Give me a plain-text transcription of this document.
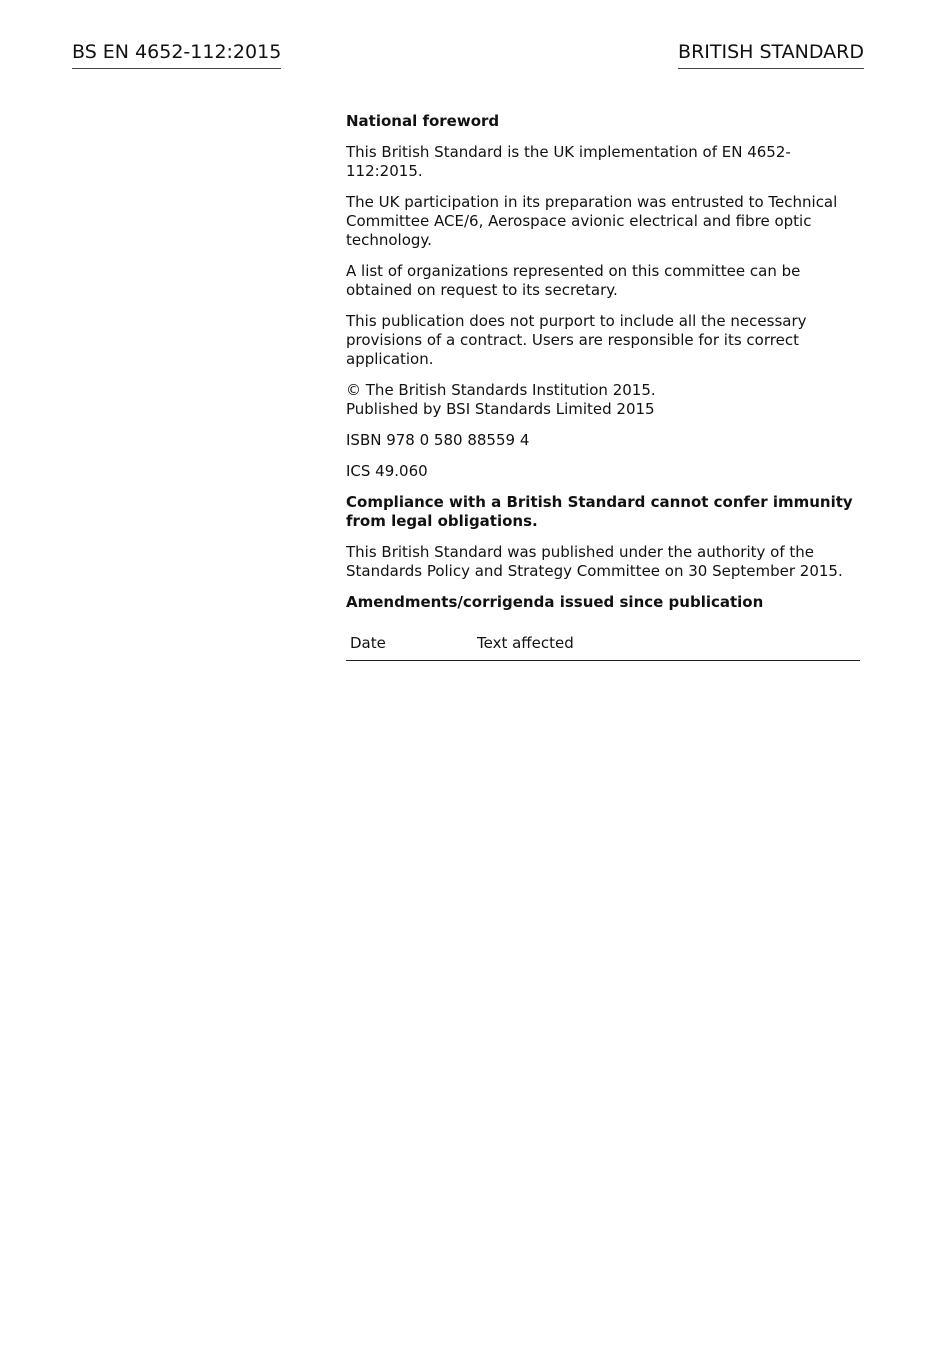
BS EN 4652-112:2015	BRITISH STANDARD

National foreword

This British Standard is the UK implementation of EN 4652-112:2015.

The UK participation in its preparation was entrusted to Technical Committee ACE/6, Aerospace avionic electrical and fibre optic technology.

A list of organizations represented on this committee can be obtained on request to its secretary.

This publication does not purport to include all the necessary provisions of a contract. Users are responsible for its correct application.

© The British Standards Institution 2015.
Published by BSI Standards Limited 2015

ISBN 978 0 580 88559 4

ICS 49.060

Compliance with a British Standard cannot confer immunity from legal obligations.

This British Standard was published under the authority of the Standards Policy and Strategy Committee on 30 September 2015.

Amendments/corrigenda issued since publication

Date	Text affected
